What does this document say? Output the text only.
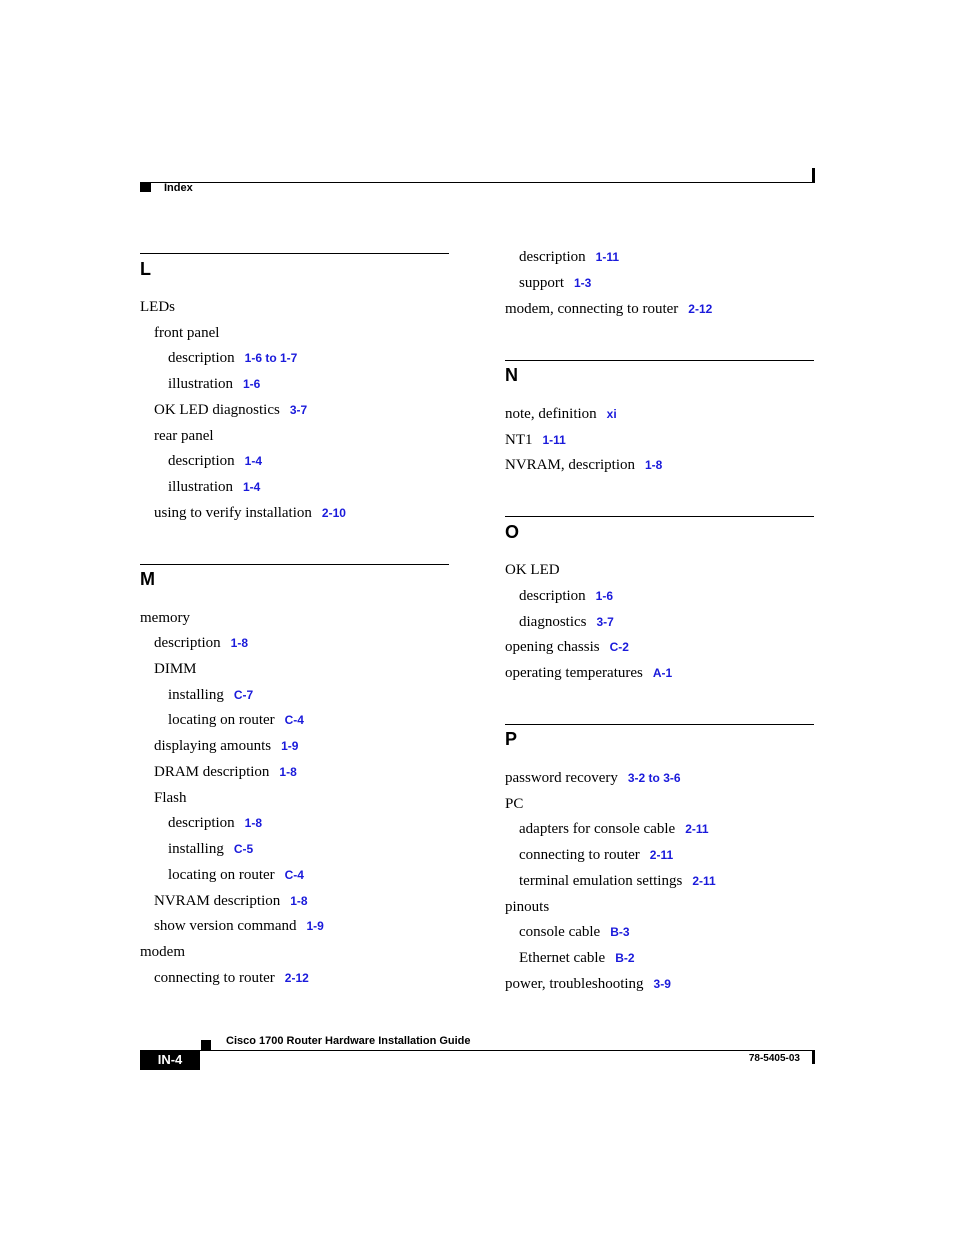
Index
L
LEDs
front panel
description 1-6 to 1-7
illustration 1-6
OK LED diagnostics 3-7
rear panel
description 1-4
illustration 1-4
using to verify installation 2-10
M
memory
description 1-8
DIMM
installing C-7
locating on router C-4
displaying amounts 1-9
DRAM description 1-8
Flash
description 1-8
installing C-5
locating on router C-4
NVRAM description 1-8
show version command 1-9
modem
connecting to router 2-12
description 1-11
support 1-3
modem, connecting to router 2-12
N
note, definition xi
NT1 1-11
NVRAM, description 1-8
O
OK LED
description 1-6
diagnostics 3-7
opening chassis C-2
operating temperatures A-1
P
password recovery 3-2 to 3-6
PC
adapters for console cable 2-11
connecting to router 2-11
terminal emulation settings 2-11
pinouts
console cable B-3
Ethernet cable B-2
power, troubleshooting 3-9
Cisco 1700 Router Hardware Installation Guide
IN-4	78-5405-03
